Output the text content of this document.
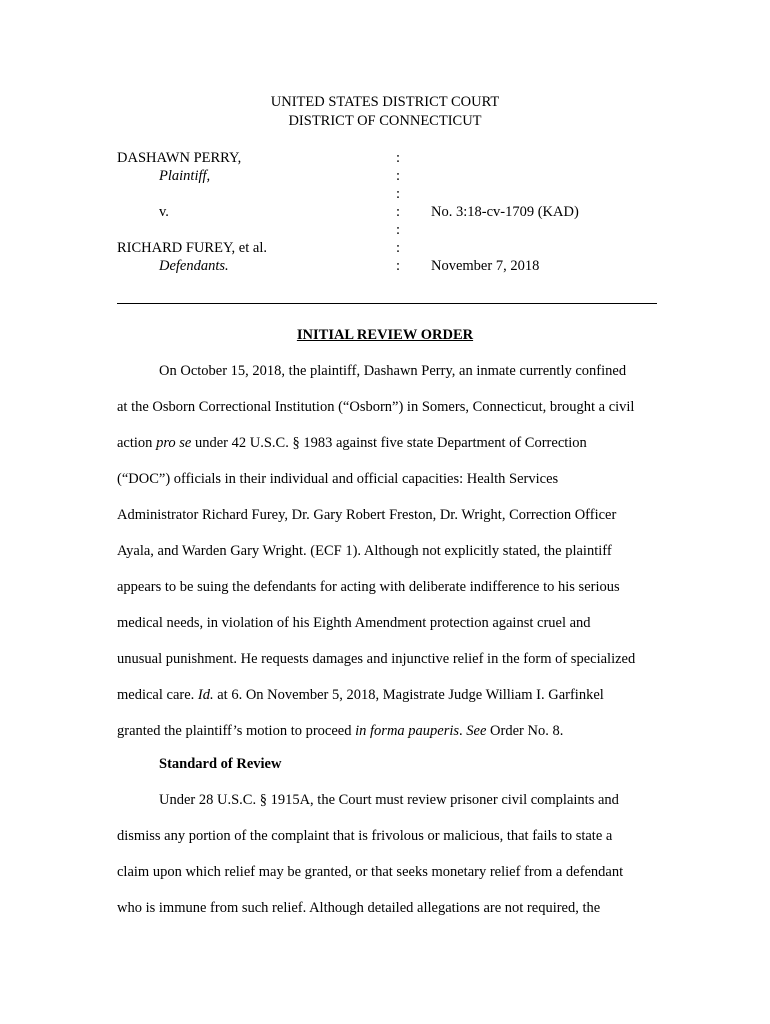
UNITED STATES DISTRICT COURT
DISTRICT OF CONNECTICUT
DASHAWN PERRY,
Plaintiff,
v.
RICHARD FUREY, et al.
Defendants.
:
:
:
:
:
:
:
No. 3:18-cv-1709 (KAD)
November 7, 2018
INITIAL REVIEW ORDER
On October 15, 2018, the plaintiff, Dashawn Perry, an inmate currently confined
at the Osborn Correctional Institution (“Osborn”) in Somers, Connecticut, brought a civil
action pro se under 42 U.S.C. § 1983 against five state Department of Correction
(“DOC”) officials in their individual and official capacities: Health Services
Administrator Richard Furey, Dr. Gary Robert Freston, Dr. Wright, Correction Officer
Ayala, and Warden Gary Wright. (ECF 1). Although not explicitly stated, the plaintiff
appears to be suing the defendants for acting with deliberate indifference to his serious
medical needs, in violation of his Eighth Amendment protection against cruel and
unusual punishment. He requests damages and injunctive relief in the form of specialized
medical care. Id. at 6. On November 5, 2018, Magistrate Judge William I. Garfinkel
granted the plaintiff’s motion to proceed in forma pauperis. See Order No. 8.
Standard of Review
Under 28 U.S.C. § 1915A, the Court must review prisoner civil complaints and
dismiss any portion of the complaint that is frivolous or malicious, that fails to state a
claim upon which relief may be granted, or that seeks monetary relief from a defendant
who is immune from such relief. Although detailed allegations are not required, the
